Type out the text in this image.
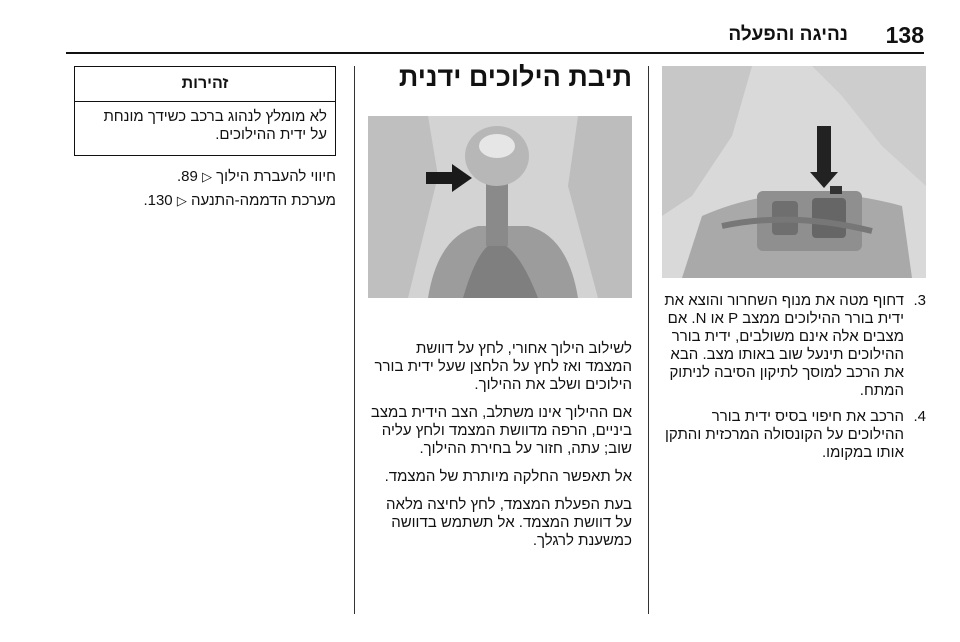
נהיגה והפעלה 138
3.
דחוף מטה את מנוף השחרור והוצא את ידית בורר ההילוכים ממצב P או N. אם מצבים אלה אינם משולבים, ידית בורר ההילוכים תינעל שוב באותו מצב. הבא את הרכב למוסך לתיקון הסיבה לניתוק המתח.
4.
הרכב את חיפוי בסיס ידית בורר ההילוכים על הקונסולה המרכזית והתקן אותו במקומו.
תיבת הילוכים ידנית

לשילוב הילוך אחורי, לחץ על דוושת המצמד ואז לחץ על הלחצן שעל ידית בורר הילוכים ושלב את ההילוך.

אם ההילוך אינו משתלב, הצב הידית במצב ביניים, הרפה מדוושת המצמד ולחץ עליה שוב; עתה, חזור על בחירת ההילוך.

אל תאפשר החלקה מיותרת של המצמד.

בעת הפעלת המצמד, לחץ לחיצה מלאה על דוושת המצמד. אל תשתמש בדוושה כמשענת לרגלך.

זהירות
לא מומלץ לנהוג ברכב כשידך מונחת על ידית ההילוכים.
חיווי להעברת הילוך ▷ 89.
מערכת הדממה-התנעה ▷ 130.
